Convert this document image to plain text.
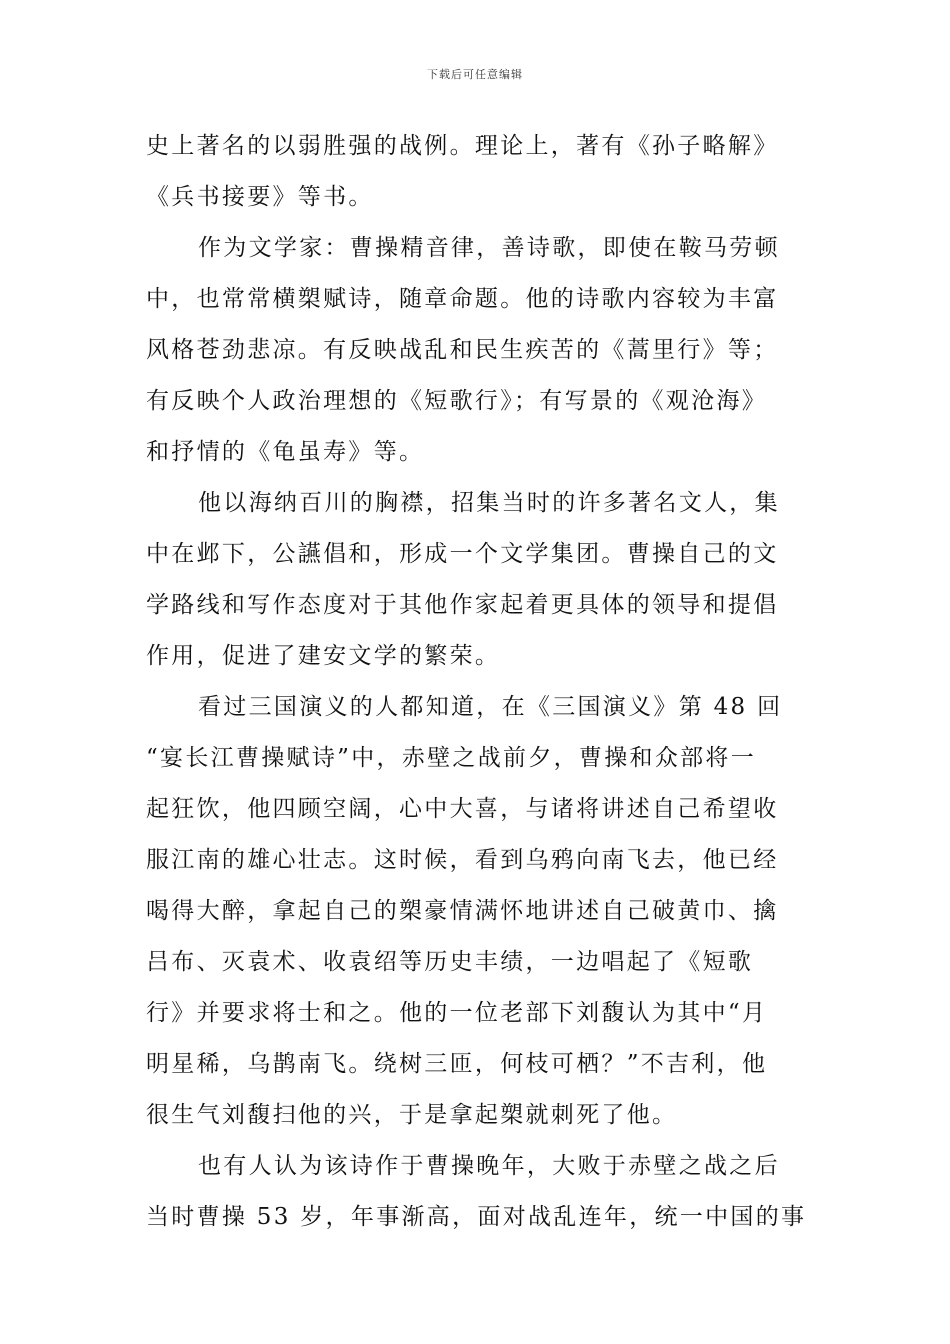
下载后可任意编辑
史上著名的以弱胜强的战例。理论上，著有《孙子略解》
《兵书接要》等书。
作为文学家：曹操精音律，善诗歌，即使在鞍马劳顿
中，也常常横槊赋诗，随章命题。他的诗歌内容较为丰富
风格苍劲悲凉。有反映战乱和民生疾苦的《蒿里行》等；
有反映个人政治理想的《短歌行》；有写景的《观沧海》
和抒情的《龟虽寿》等。
他以海纳百川的胸襟，招集当时的许多著名文人，集
中在邺下，公讌倡和，形成一个文学集团。曹操自己的文
学路线和写作态度对于其他作家起着更具体的领导和提倡
作用，促进了建安文学的繁荣。
看过三国演义的人都知道，在《三国演义》第 48 回
“宴长江曹操赋诗”中，赤壁之战前夕，曹操和众部将一
起狂饮，他四顾空阔，心中大喜，与诸将讲述自己希望收
服江南的雄心壮志。这时候，看到乌鸦向南飞去，他已经
喝得大醉，拿起自己的槊豪情满怀地讲述自己破黄巾、擒
吕布、灭袁术、收袁绍等历史丰绩，一边唱起了《短歌
行》并要求将士和之。他的一位老部下刘馥认为其中“月
明星稀，乌鹊南飞。绕树三匝，何枝可栖？”不吉利，他
很生气刘馥扫他的兴，于是拿起槊就刺死了他。
也有人认为该诗作于曹操晚年，大败于赤壁之战之后
当时曹操 53 岁，年事渐高，面对战乱连年，统一中国的事
